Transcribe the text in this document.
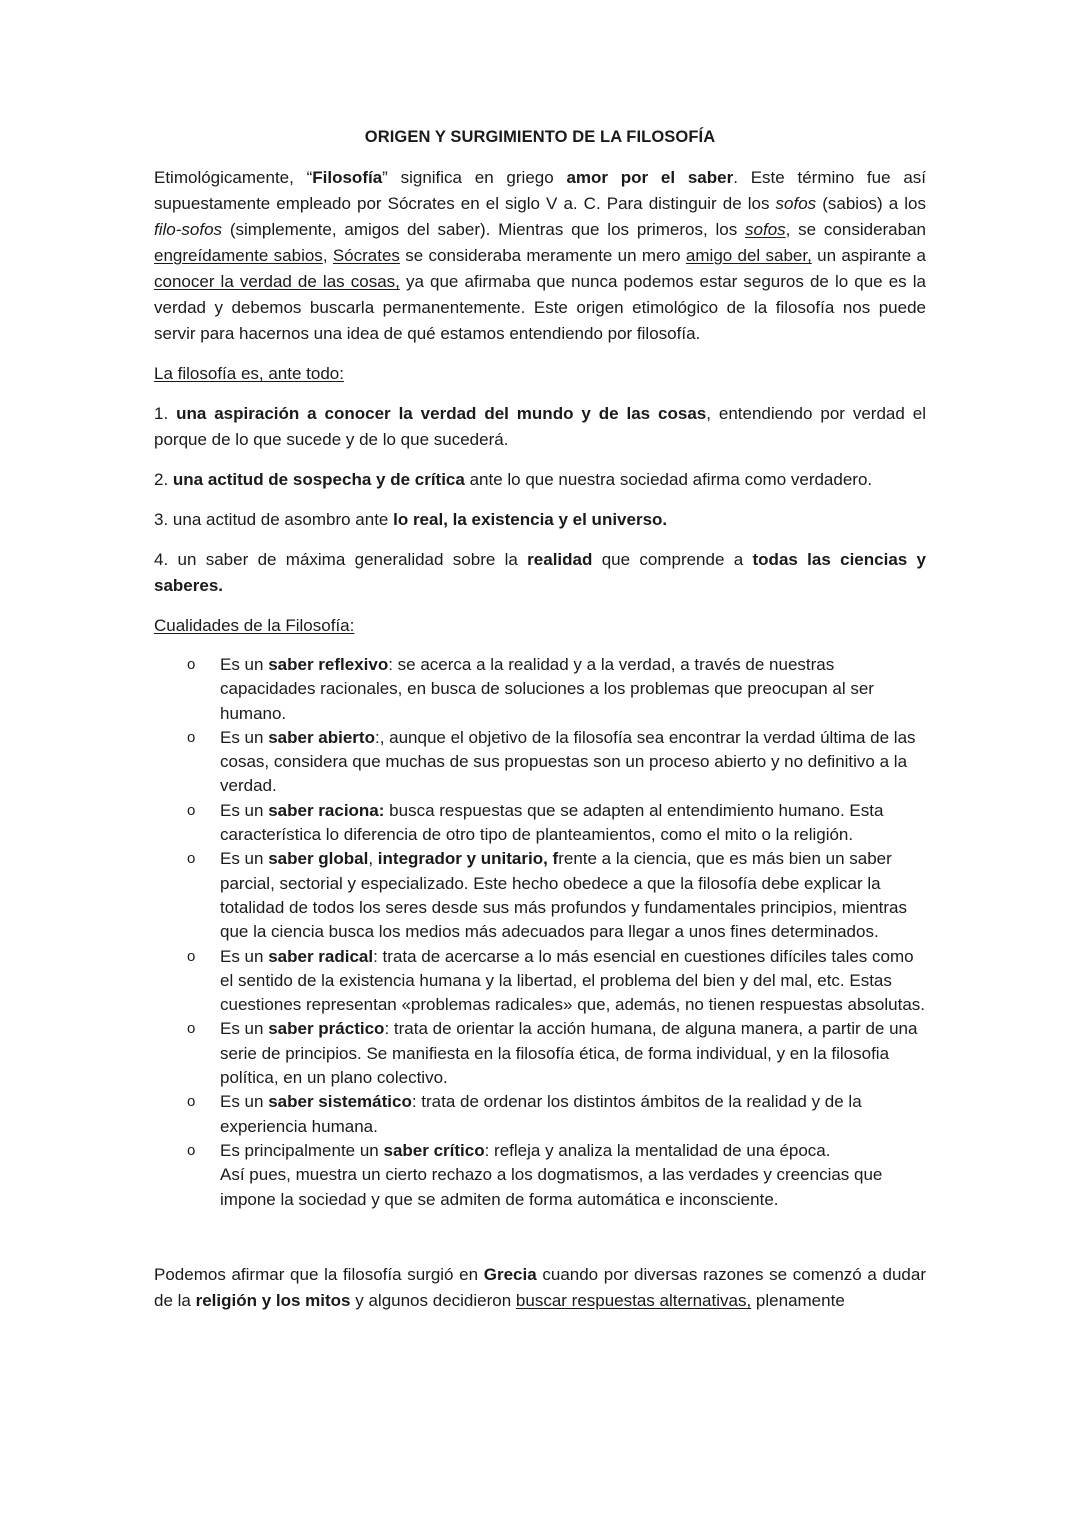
ORIGEN Y SURGIMIENTO DE LA FILOSOFÍA

Etimológicamente, “Filosofía” significa en griego amor por el saber. Este término fue así supuestamente empleado por Sócrates en el siglo V a. C. Para distinguir de los sofos (sabios) a los filo-sofos (simplemente, amigos del saber). Mientras que los primeros, los sofos, se consideraban engreídamente sabios, Sócrates se consideraba meramente un mero amigo del saber, un aspirante a conocer la verdad de las cosas, ya que afirmaba que nunca podemos estar seguros de lo que es la verdad y debemos buscarla permanentemente. Este origen etimológico de la filosofía nos puede servir para hacernos una idea de qué estamos entendiendo por filosofía.

La filosofía es, ante todo:

1. una aspiración a conocer la verdad del mundo y de las cosas, entendiendo por verdad el porque de lo que sucede y de lo que sucederá.

2. una actitud de sospecha y de crítica ante lo que nuestra sociedad afirma como verdadero.

3. una actitud de asombro ante lo real, la existencia y el universo.

4. un saber de máxima generalidad sobre la realidad que comprende a todas las ciencias y saberes.

Cualidades de la Filosofía:

o Es un saber reflexivo: se acerca a la realidad y a la verdad, a través de nuestras capacidades racionales, en busca de soluciones a los problemas que preocupan al ser humano.
o Es un saber abierto:, aunque el objetivo de la filosofía sea encontrar la verdad última de las cosas, considera que muchas de sus propuestas son un proceso abierto y no definitivo a la verdad.
o Es un saber raciona: busca respuestas que se adapten al entendimiento humano. Esta característica lo diferencia de otro tipo de planteamientos, como el mito o la religión.
o Es un saber global, integrador y unitario, frente a la ciencia, que es más bien un saber parcial, sectorial y especializado. Este hecho obedece a que la filosofía debe explicar la totalidad de todos los seres desde sus más profundos y fundamentales principios, mientras que la ciencia busca los medios más adecuados para llegar a unos fines determinados.
o Es un saber radical: trata de acercarse a lo más esencial en cuestiones difíciles tales como el sentido de la existencia humana y la libertad, el problema del bien y del mal, etc. Estas cuestiones representan «problemas radicales» que, además, no tienen respuestas absolutas.
o Es un saber práctico: trata de orientar la acción humana, de alguna manera, a partir de una serie de principios. Se manifiesta en la filosofía ética, de forma individual, y en la filosofia política, en un plano colectivo.
o Es un saber sistemático: trata de ordenar los distintos ámbitos de la realidad y de la experiencia humana.
o Es principalmente un saber crítico: refleja y analiza la mentalidad de una época.
Así pues, muestra un cierto rechazo a los dogmatismos, a las verdades y creencias que impone la sociedad y que se admiten de forma automática e inconsciente.

Podemos afirmar que la filosofía surgió en Grecia cuando por diversas razones se comenzó a dudar de la religión y los mitos y algunos decidieron buscar respuestas alternativas, plenamente
